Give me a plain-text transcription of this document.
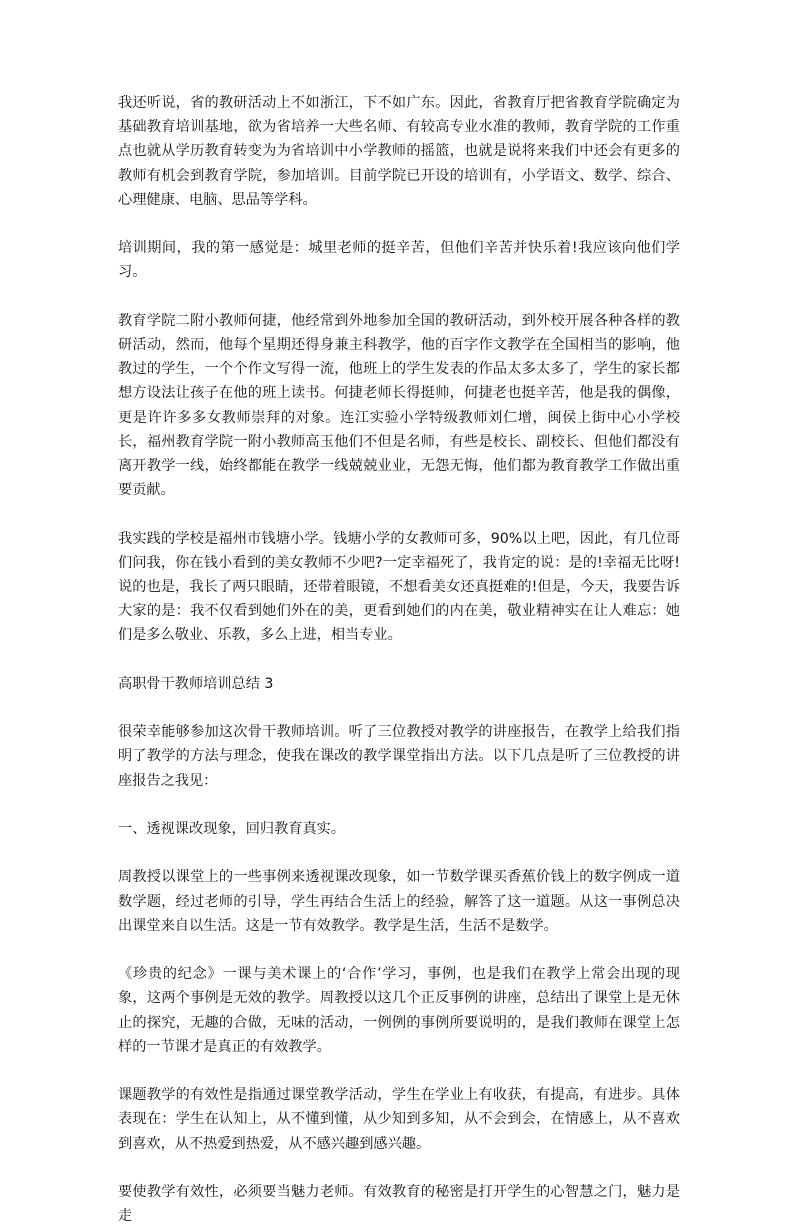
我还听说，省的教研活动上不如浙江，下不如广东。因此，省教育厅把省教育学院确定为基础教育培训基地，欲为省培养一大些名师、有较高专业水准的教师，教育学院的工作重点也就从学历教育转变为为省培训中小学教师的摇篮，也就是说将来我们中还会有更多的教师有机会到教育学院，参加培训。目前学院已开设的培训有，小学语文、数学、综合、心理健康、电脑、思品等学科。

培训期间，我的第一感觉是：城里老师的挺辛苦，但他们辛苦并快乐着!我应该向他们学习。

教育学院二附小教师何捷，他经常到外地参加全国的教研活动，到外校开展各种各样的教研活动，然而，他每个星期还得身兼主科教学，他的百字作文教学在全国相当的影响，他教过的学生，一个个作文写得一流，他班上的学生发表的作品太多太多了，学生的家长都想方设法让孩子在他的班上读书。何捷老师长得挺帅，何捷老也挺辛苦，他是我的偶像，更是许许多多女教师崇拜的对象。连江实验小学特级教师刘仁增，闽侯上街中心小学校长，福州教育学院一附小教师高玉他们不但是名师，有些是校长、副校长、但他们都没有离开教学一线，始终都能在教学一线兢兢业业，无怨无悔，他们都为教育教学工作做出重要贡献。

我实践的学校是福州市钱塘小学。钱塘小学的女教师可多，90%以上吧，因此，有几位哥们问我，你在钱小看到的美女教师不少吧?一定幸福死了，我肯定的说：是的!幸福无比呀!说的也是，我长了两只眼睛，还带着眼镜，不想看美女还真挺难的!但是，今天，我要告诉大家的是：我不仅看到她们外在的美，更看到她们的内在美，敬业精神实在让人难忘：她们是多么敬业、乐教，多么上进，相当专业。

高职骨干教师培训总结 3

很荣幸能够参加这次骨干教师培训。听了三位教授对教学的讲座报告，在教学上给我们指明了教学的方法与理念，使我在课改的教学课堂指出方法。以下几点是听了三位教授的讲座报告之我见：

一、透视课改现象，回归教育真实。

周教授以课堂上的一些事例来透视课改现象，如一节数学课买香蕉价钱上的数字例成一道数学题，经过老师的引导，学生再结合生活上的经验，解答了这一道题。从这一事例总决出课堂来自以生活。这是一节有效教学。教学是生活，生活不是数学。

《珍贵的纪念》一课与美术课上的‘合作’学习，事例，也是我们在教学上常会出现的现象，这两个事例是无效的教学。周教授以这几个正反事例的讲座，总结出了课堂上是无休止的探究，无趣的合做，无味的活动，一例例的事例所要说明的，是我们教师在课堂上怎样的一节课才是真正的有效教学。

课题教学的有效性是指通过课堂教学活动，学生在学业上有收获，有提高，有进步。具体表现在：学生在认知上，从不懂到懂，从少知到多知，从不会到会，在情感上，从不喜欢到喜欢，从不热爱到热爱，从不感兴趣到感兴趣。

要使教学有效性，必须要当魅力老师。有效教育的秘密是打开学生的心智慧之门，魅力是走
